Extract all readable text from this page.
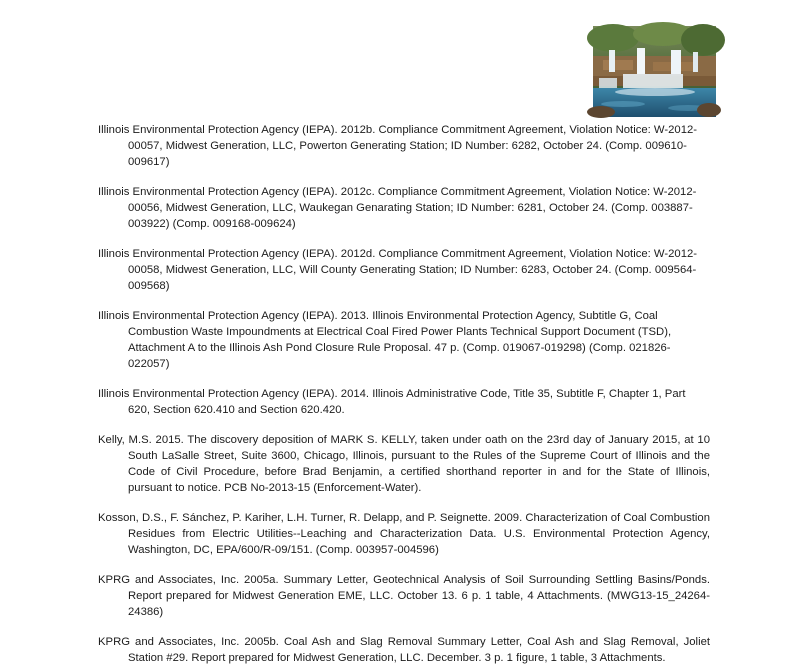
Illinois Environmental Protection Agency (IEPA). 2012b. Compliance Commitment Agreement, Violation Notice: W-2012-00057, Midwest Generation, LLC, Powerton Generating Station; ID Number: 6282, October 24. (Comp. 009610-009617)

Illinois Environmental Protection Agency (IEPA). 2012c. Compliance Commitment Agreement, Violation Notice: W-2012-00056, Midwest Generation, LLC, Waukegan Genarating Station; ID Number: 6281, October 24. (Comp. 003887-003922) (Comp. 009168-009624)

Illinois Environmental Protection Agency (IEPA). 2012d. Compliance Commitment Agreement, Violation Notice: W-2012-00058, Midwest Generation, LLC, Will County Generating Station; ID Number: 6283, October 24. (Comp. 009564-009568)

Illinois Environmental Protection Agency (IEPA). 2013. Illinois Environmental Protection Agency, Subtitle G, Coal Combustion Waste Impoundments at Electrical Coal Fired Power Plants Technical Support Document (TSD), Attachment A to the Illinois Ash Pond Closure Rule Proposal. 47 p. (Comp. 019067-019298) (Comp. 021826-022057)

Illinois Environmental Protection Agency (IEPA). 2014. Illinois Administrative Code, Title 35, Subtitle F, Chapter 1, Part 620, Section 620.410 and Section 620.420.

Kelly, M.S. 2015. The discovery deposition of MARK S. KELLY, taken under oath on the 23rd day of January 2015, at 10 South LaSalle Street, Suite 3600, Chicago, Illinois, pursuant to the Rules of the Supreme Court of Illinois and the Code of Civil Procedure, before Brad Benjamin, a certified shorthand reporter in and for the State of Illinois, pursuant to notice. PCB No-2013-15 (Enforcement-Water).

Kosson, D.S., F. Sánchez, P. Kariher, L.H. Turner, R. Delapp, and P. Seignette. 2009. Characterization of Coal Combustion Residues from Electric Utilities--Leaching and Characterization Data. U.S. Environmental Protection Agency, Washington, DC, EPA/600/R-09/151. (Comp. 003957-004596)

KPRG and Associates, Inc. 2005a. Summary Letter, Geotechnical Analysis of Soil Surrounding Settling Basins/Ponds. Report prepared for Midwest Generation EME, LLC. October 13. 6 p. 1 table, 4 Attachments. (MWG13-15_24264-24386)

KPRG and Associates, Inc. 2005b. Coal Ash and Slag Removal Summary Letter, Coal Ash and Slag Removal, Joliet Station #29. Report prepared for Midwest Generation, LLC. December. 3 p. 1 figure, 1 table, 3 Attachments.
